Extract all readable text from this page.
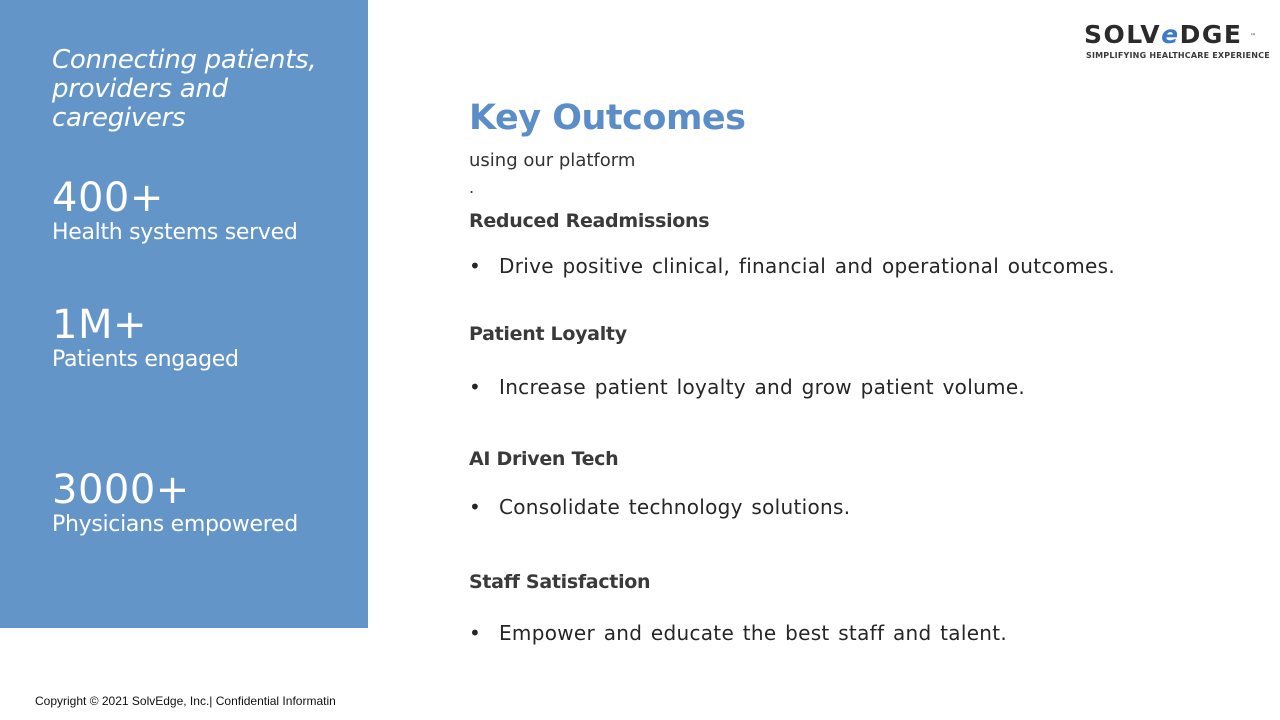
Connecting patients, providers and caregivers
400+
Health systems served
1M+
Patients engaged
3000+
Physicians empowered
SOLVeDGE ™
SIMPLIFYING HEALTHCARE EXPERIENCE
Key Outcomes
using our platform
.
Reduced Readmissions
• Drive positive clinical, financial and operational outcomes.
Patient Loyalty
• Increase patient loyalty and grow patient volume.
AI Driven Tech
• Consolidate technology solutions.
Staff Satisfaction
• Empower and educate the best staff and talent.
Copyright © 2021 SolvEdge, Inc.| Confidential Informatin
